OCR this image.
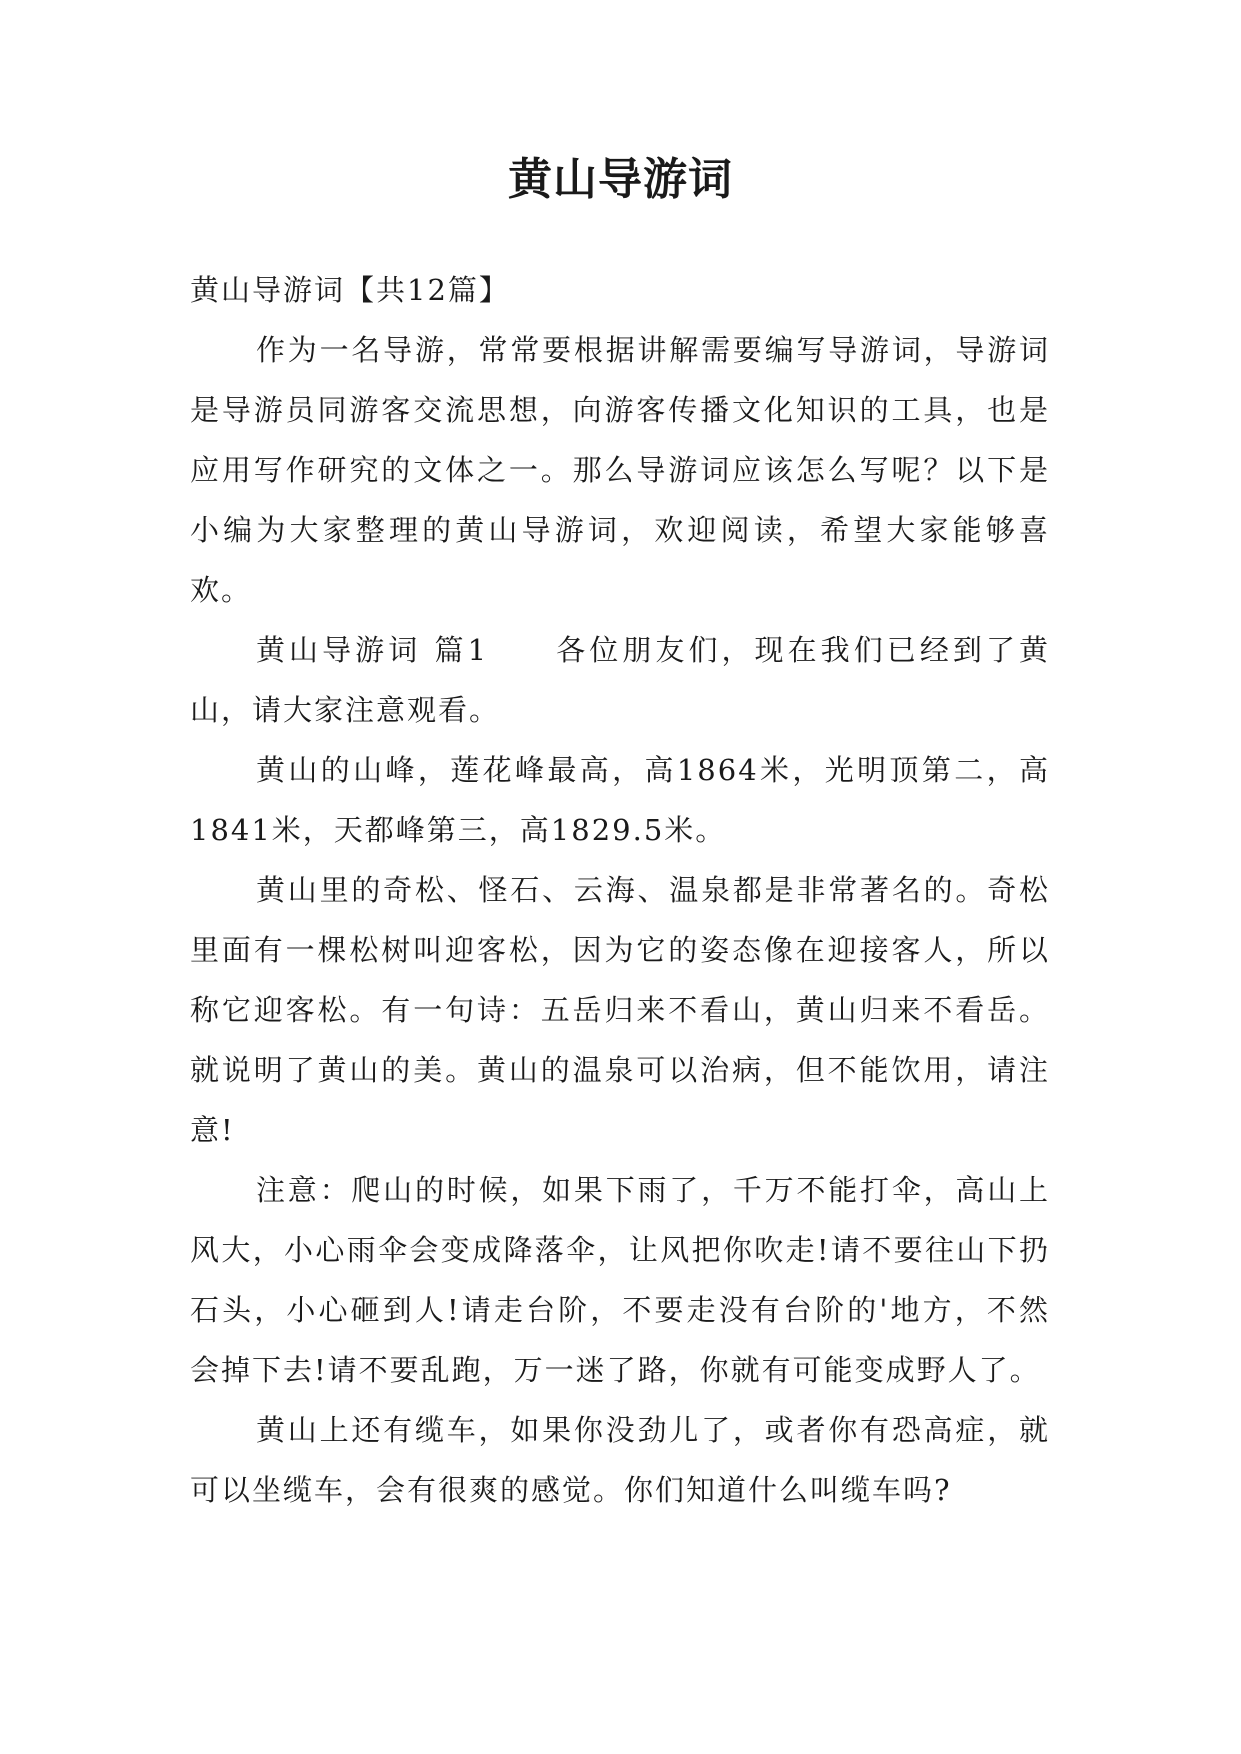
黄山导游词

黄山导游词【共12篇】

作为一名导游，常常要根据讲解需要编写导游词，导游词是导游员同游客交流思想，向游客传播文化知识的工具，也是应用写作研究的文体之一。那么导游词应该怎么写呢？以下是小编为大家整理的黄山导游词，欢迎阅读，希望大家能够喜欢。

黄山导游词 篇1　　各位朋友们，现在我们已经到了黄山，请大家注意观看。

黄山的山峰，莲花峰最高，高1864米，光明顶第二，高1841米，天都峰第三，高1829.5米。

黄山里的奇松、怪石、云海、温泉都是非常著名的。奇松里面有一棵松树叫迎客松，因为它的姿态像在迎接客人，所以称它迎客松。有一句诗：五岳归来不看山，黄山归来不看岳。就说明了黄山的美。黄山的温泉可以治病，但不能饮用，请注意!

注意：爬山的时候，如果下雨了，千万不能打伞，高山上风大，小心雨伞会变成降落伞，让风把你吹走!请不要往山下扔石头，小心砸到人!请走台阶，不要走没有台阶的'地方，不然会掉下去!请不要乱跑，万一迷了路，你就有可能变成野人了。

黄山上还有缆车，如果你没劲儿了，或者你有恐高症，就可以坐缆车，会有很爽的感觉。你们知道什么叫缆车吗?
